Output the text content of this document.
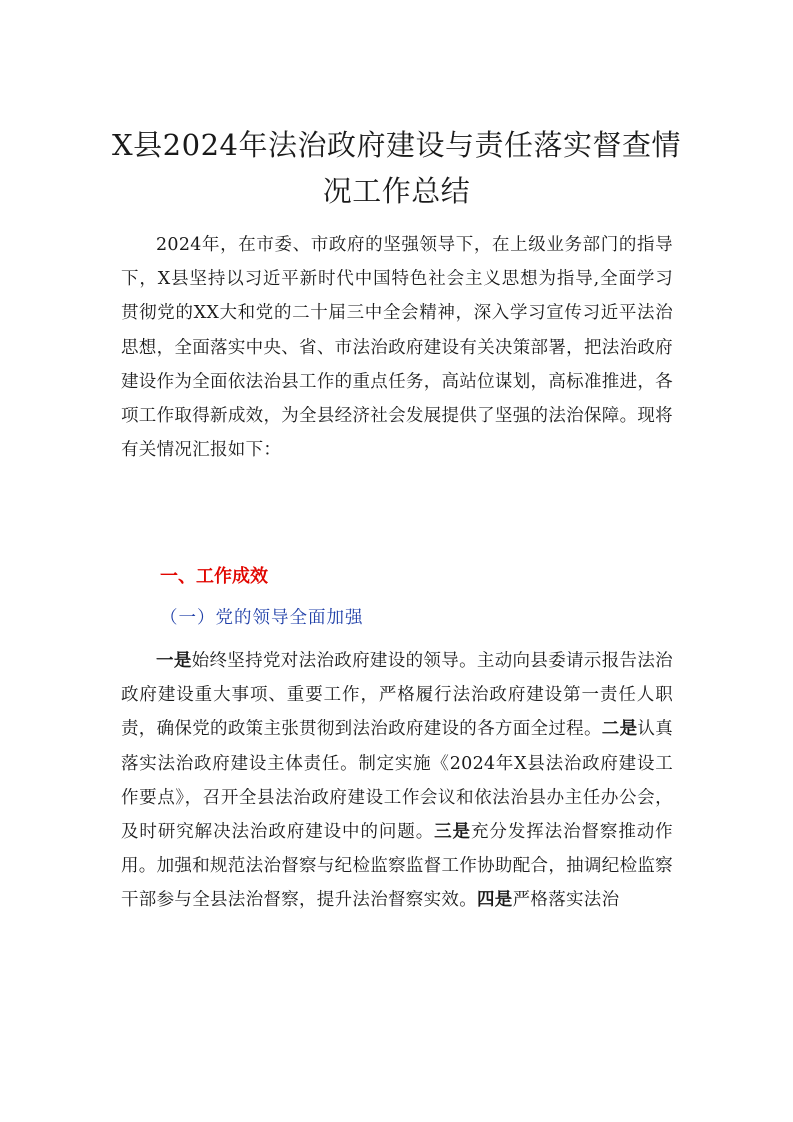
X县2024年法治政府建设与责任落实督查情
况工作总结

2024年，在市委、市政府的坚强领导下，在上级业务部门的指导下，X县坚持以习近平新时代中国特色社会主义思想为指导,全面学习贯彻党的XX大和党的二十届三中全会精神，深入学习宣传习近平法治思想，全面落实中央、省、市法治政府建设有关决策部署，把法治政府建设作为全面依法治县工作的重点任务，高站位谋划，高标准推进，各项工作取得新成效，为全县经济社会发展提供了坚强的法治保障。现将有关情况汇报如下：

一、工作成效
（一）党的领导全面加强

一是始终坚持党对法治政府建设的领导。主动向县委请示报告法治政府建设重大事项、重要工作，严格履行法治政府建设第一责任人职责，确保党的政策主张贯彻到法治政府建设的各方面全过程。二是认真落实法治政府建设主体责任。制定实施《2024年X县法治政府建设工作要点》，召开全县法治政府建设工作会议和依法治县办主任办公会，及时研究解决法治政府建设中的问题。三是充分发挥法治督察推动作用。加强和规范法治督察与纪检监察监督工作协助配合，抽调纪检监察干部参与全县法治督察，提升法治督察实效。四是严格落实法治
